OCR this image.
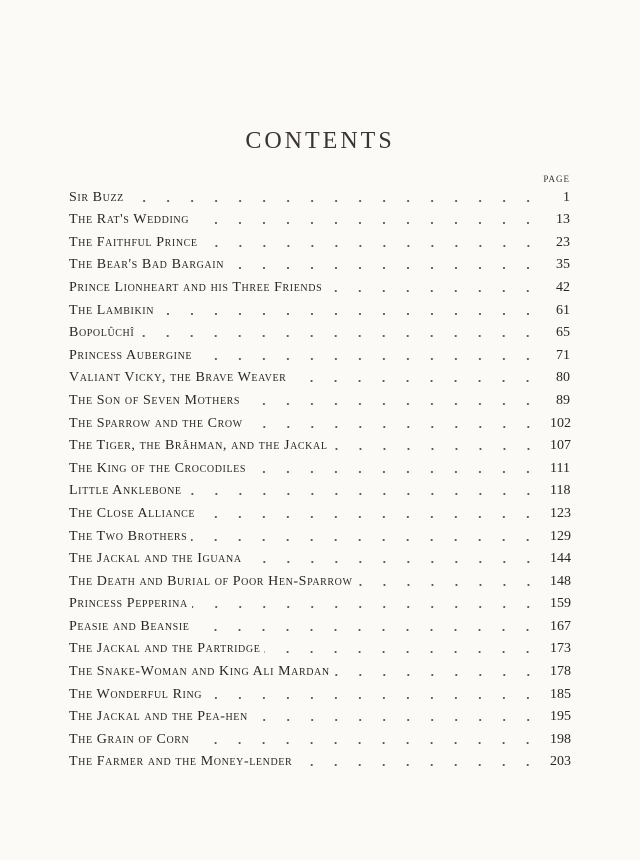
CONTENTS
PAGE
Sir Buzz	1
The Rat's Wedding	13
The Faithful Prince	23
The Bear's Bad Bargain	35
Prince Lionheart and his Three Friends	42
The Lambikin	61
Bopolûchî	65
Princess Aubergine	71
Valiant Vicky, the Brave Weaver	80
The Son of Seven Mothers	89
The Sparrow and the Crow	102
The Tiger, the Brâhman, and the Jackal	107
The King of the Crocodiles	111
Little Anklebone	118
The Close Alliance	123
The Two Brothers	129
The Jackal and the Iguana	144
The Death and Burial of Poor Hen-Sparrow	148
Princess Pepperina	159
Peasie and Beansie	167
The Jackal and the Partridge	173
The Snake-Woman and King Ali Mardan	178
The Wonderful Ring	185
The Jackal and the Pea-hen	195
The Grain of Corn	198
The Farmer and the Money-lender	203
